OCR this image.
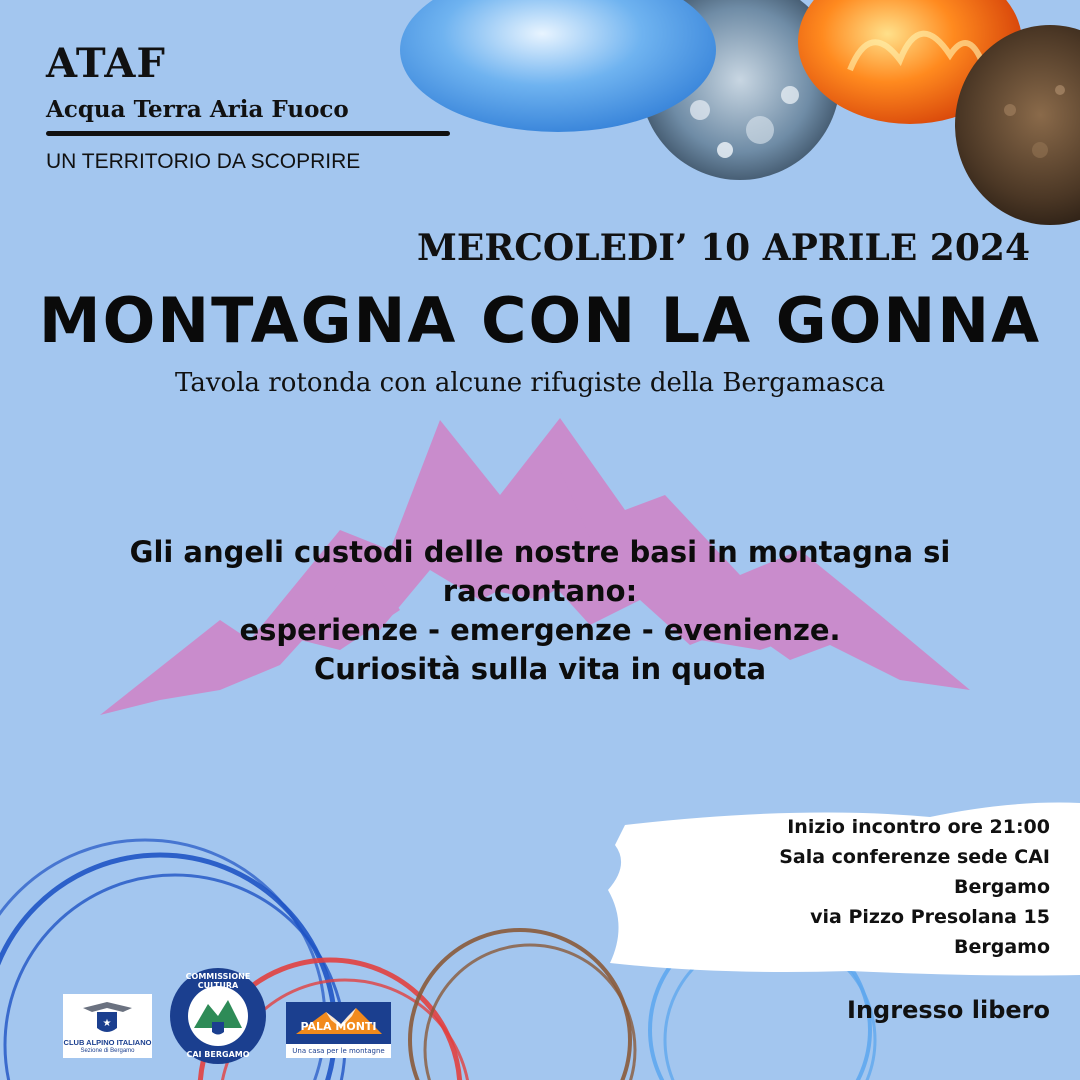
ATAF
Acqua Terra Aria Fuoco
UN TERRITORIO DA SCOPRIRE
MERCOLEDI’ 10 APRILE 2024
MONTAGNA CON LA GONNA
Tavola rotonda con alcune rifugiste della Bergamasca
Gli angeli custodi delle nostre basi in montagna si
raccontano:
esperienze - emergenze - evenienze.
Curiosità sulla vita in quota
Inizio incontro ore 21:00
Sala conferenze sede CAI
Bergamo
via Pizzo Presolana 15
Bergamo
Ingresso libero
★
CLUB ALPINO ITALIANO
Sezione di Bergamo
COMMISSIONE CULTURA
CAI BERGAMO
PALA MONTI
Una casa per le montagne
